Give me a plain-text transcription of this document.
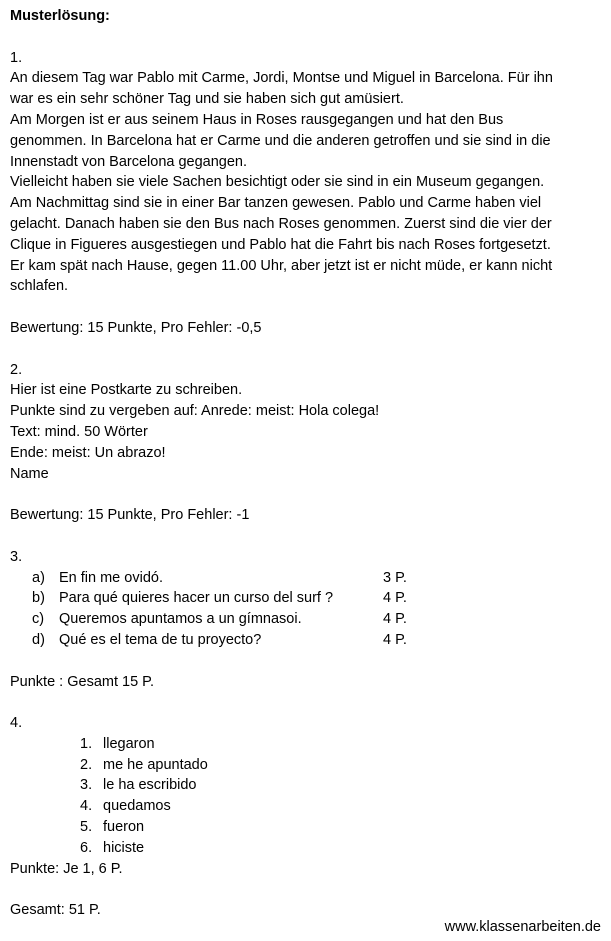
Musterlösung:
1.
An diesem Tag war Pablo mit Carme, Jordi, Montse und Miguel in Barcelona. Für ihn
war es ein sehr schöner Tag und sie haben sich gut amüsiert.
Am Morgen ist er aus seinem Haus in Roses rausgegangen und hat den Bus
genommen. In Barcelona hat er Carme und die anderen getroffen und sie sind in die
Innenstadt von Barcelona gegangen.
Vielleicht haben sie viele Sachen besichtigt oder sie sind in ein Museum gegangen.
Am Nachmittag sind sie in einer Bar tanzen gewesen. Pablo und Carme haben viel
gelacht. Danach haben sie den Bus nach Roses genommen. Zuerst sind die vier der
Clique in Figueres ausgestiegen und Pablo hat die Fahrt bis nach Roses fortgesetzt.
Er kam spät nach Hause, gegen 11.00 Uhr, aber jetzt ist er nicht müde, er kann nicht
schlafen.
Bewertung: 15 Punkte, Pro Fehler: -0,5
2.
Hier ist eine Postkarte zu schreiben.
Punkte sind zu vergeben auf: Anrede: meist: Hola colega!
Text: mind. 50 Wörter
Ende: meist: Un abrazo!
Name
Bewertung: 15 Punkte, Pro Fehler: -1
3.
a) En fin me ovidó.	3 P.
b) Para qué quieres hacer un curso del surf ?	4 P.
c)	Queremos apuntamos a un gímnasoi.	4 P.
d) Qué es el tema de tu proyecto?	4 P.
Punkte : Gesamt 15 P.
4.
1. llegaron
2. me he apuntado
3. le ha escribido
4. quedamos
5. fueron
6. hiciste
Punkte: Je 1, 6 P.
Gesamt: 51 P.
www.klassenarbeiten.de
